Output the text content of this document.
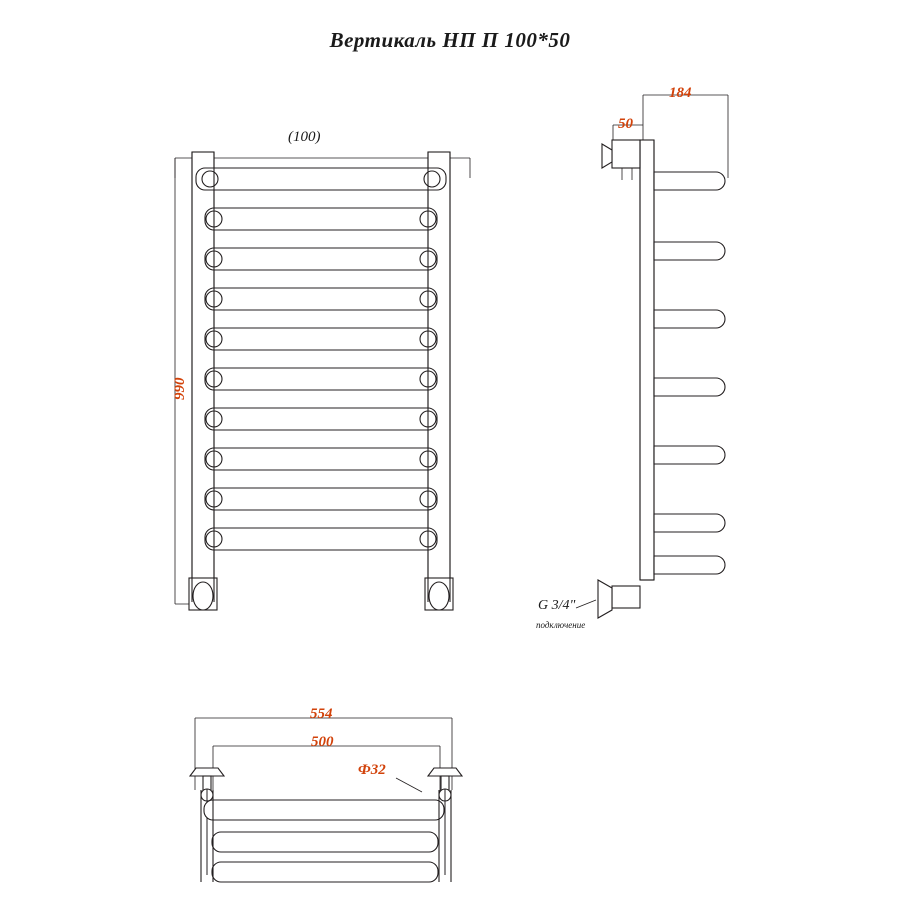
Вертикаль НП П 100*50
(100)
990
184
50
G 3/4"
подключение
554
500
Ф32
